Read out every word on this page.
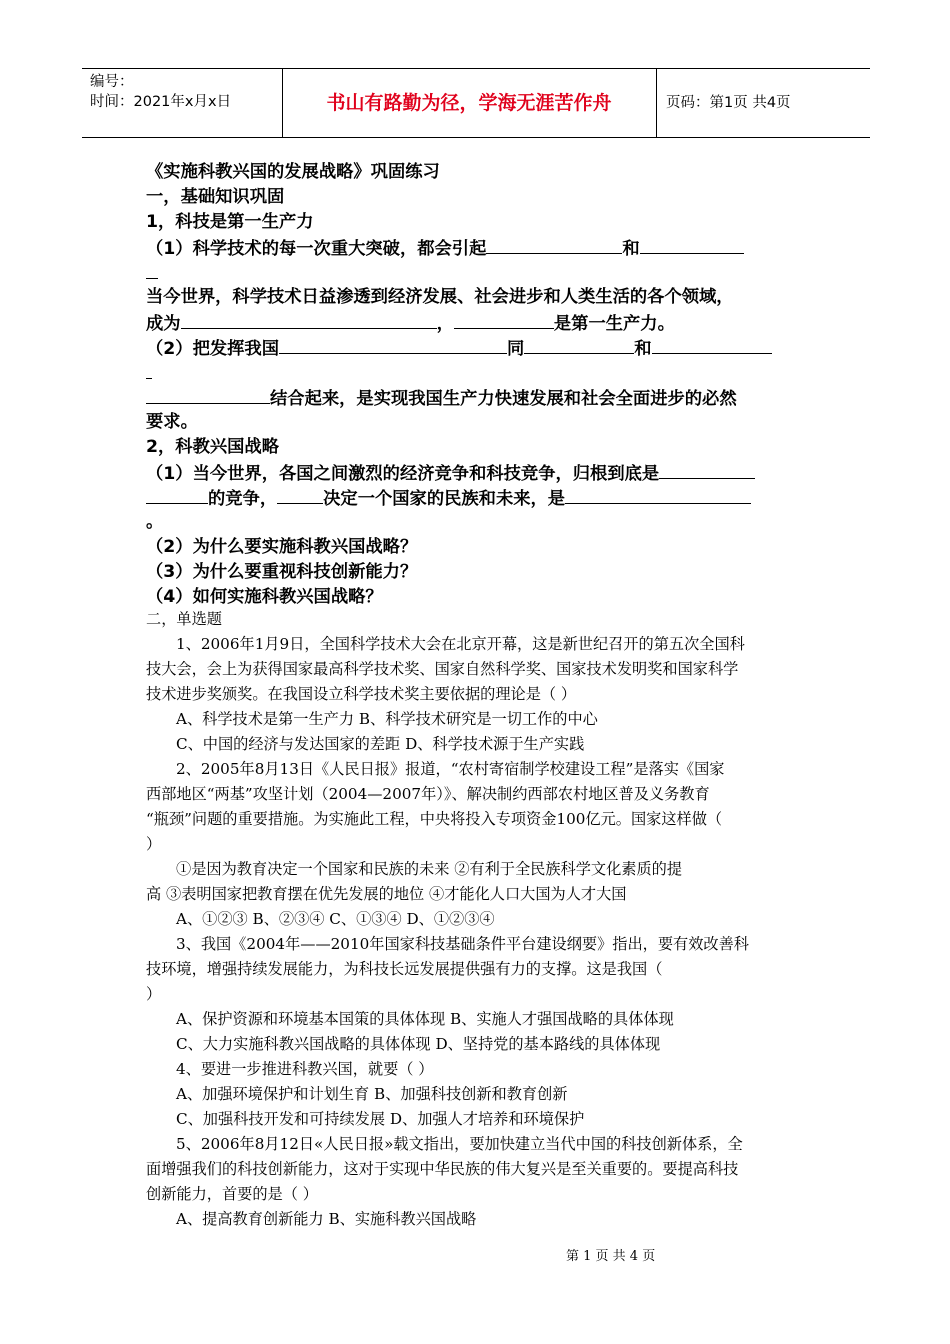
编号：
时间：2021年x月x日	书山有路勤为径，学海无涯苦作舟	页码：第1页 共4页
《实施科教兴国的发展战略》巩固练习
一，基础知识巩固
1，科技是第一生产力
（1）科学技术的每一次重大突破，都会引起	和
当今世界，科学技术日益渗透到经济发展、社会进步和人类生活的各个领域，
成为	，	是第一生产力。
（2）把发挥我国	同	和
结合起来，是实现我国生产力快速发展和社会全面进步的必然
要求。
2，科教兴国战略
（1）当今世界，各国之间激烈的经济竞争和科技竞争，归根到底是
的竞争，	决定一个国家的民族和未来，是
。
（2）为什么要实施科教兴国战略？
（3）为什么要重视科技创新能力？
（4）如何实施科教兴国战略？
二，单选题
1、2006年1月9日，全国科学技术大会在北京开幕，这是新世纪召开的第五次全国科
技大会，会上为获得国家最高科学技术奖、国家自然科学奖、国家技术发明奖和国家科学
技术进步奖颁奖。在我国设立科学技术奖主要依据的理论是（ ）
A、科学技术是第一生产力 B、科学技术研究是一切工作的中心
C、中国的经济与发达国家的差距 D、科学技术源于生产实践
2、2005年8月13日《人民日报》报道，“农村寄宿制学校建设工程”是落实《国家
西部地区“两基”攻坚计划（2004—2007年）》、解决制约西部农村地区普及义务教育
“瓶颈”问题的重要措施。为实施此工程，中央将投入专项资金100亿元。国家这样做（
）
①是因为教育决定一个国家和民族的未来 ②有利于全民族科学文化素质的提
高 ③表明国家把教育摆在优先发展的地位 ④才能化人口大国为人才大国
A、①②③ B、②③④ C、①③④ D、①②③④
3、我国《2004年——2010年国家科技基础条件平台建设纲要》指出，要有效改善科
技环境，增强持续发展能力，为科技长远发展提供强有力的支撑。这是我国（
）
A、保护资源和环境基本国策的具体体现 B、实施人才强国战略的具体体现
C、大力实施科教兴国战略的具体体现 D、坚持党的基本路线的具体体现
4、要进一步推进科教兴国，就要（ ）
A、加强环境保护和计划生育 B、加强科技创新和教育创新
C、加强科技开发和可持续发展 D、加强人才培养和环境保护
5、2006年8月12日«人民日报»载文指出，要加快建立当代中国的科技创新体系，全
面增强我们的科技创新能力，这对于实现中华民族的伟大复兴是至关重要的。要提高科技
创新能力，首要的是（ ）
A、提高教育创新能力 B、实施科教兴国战略
第 1 页 共 4 页
